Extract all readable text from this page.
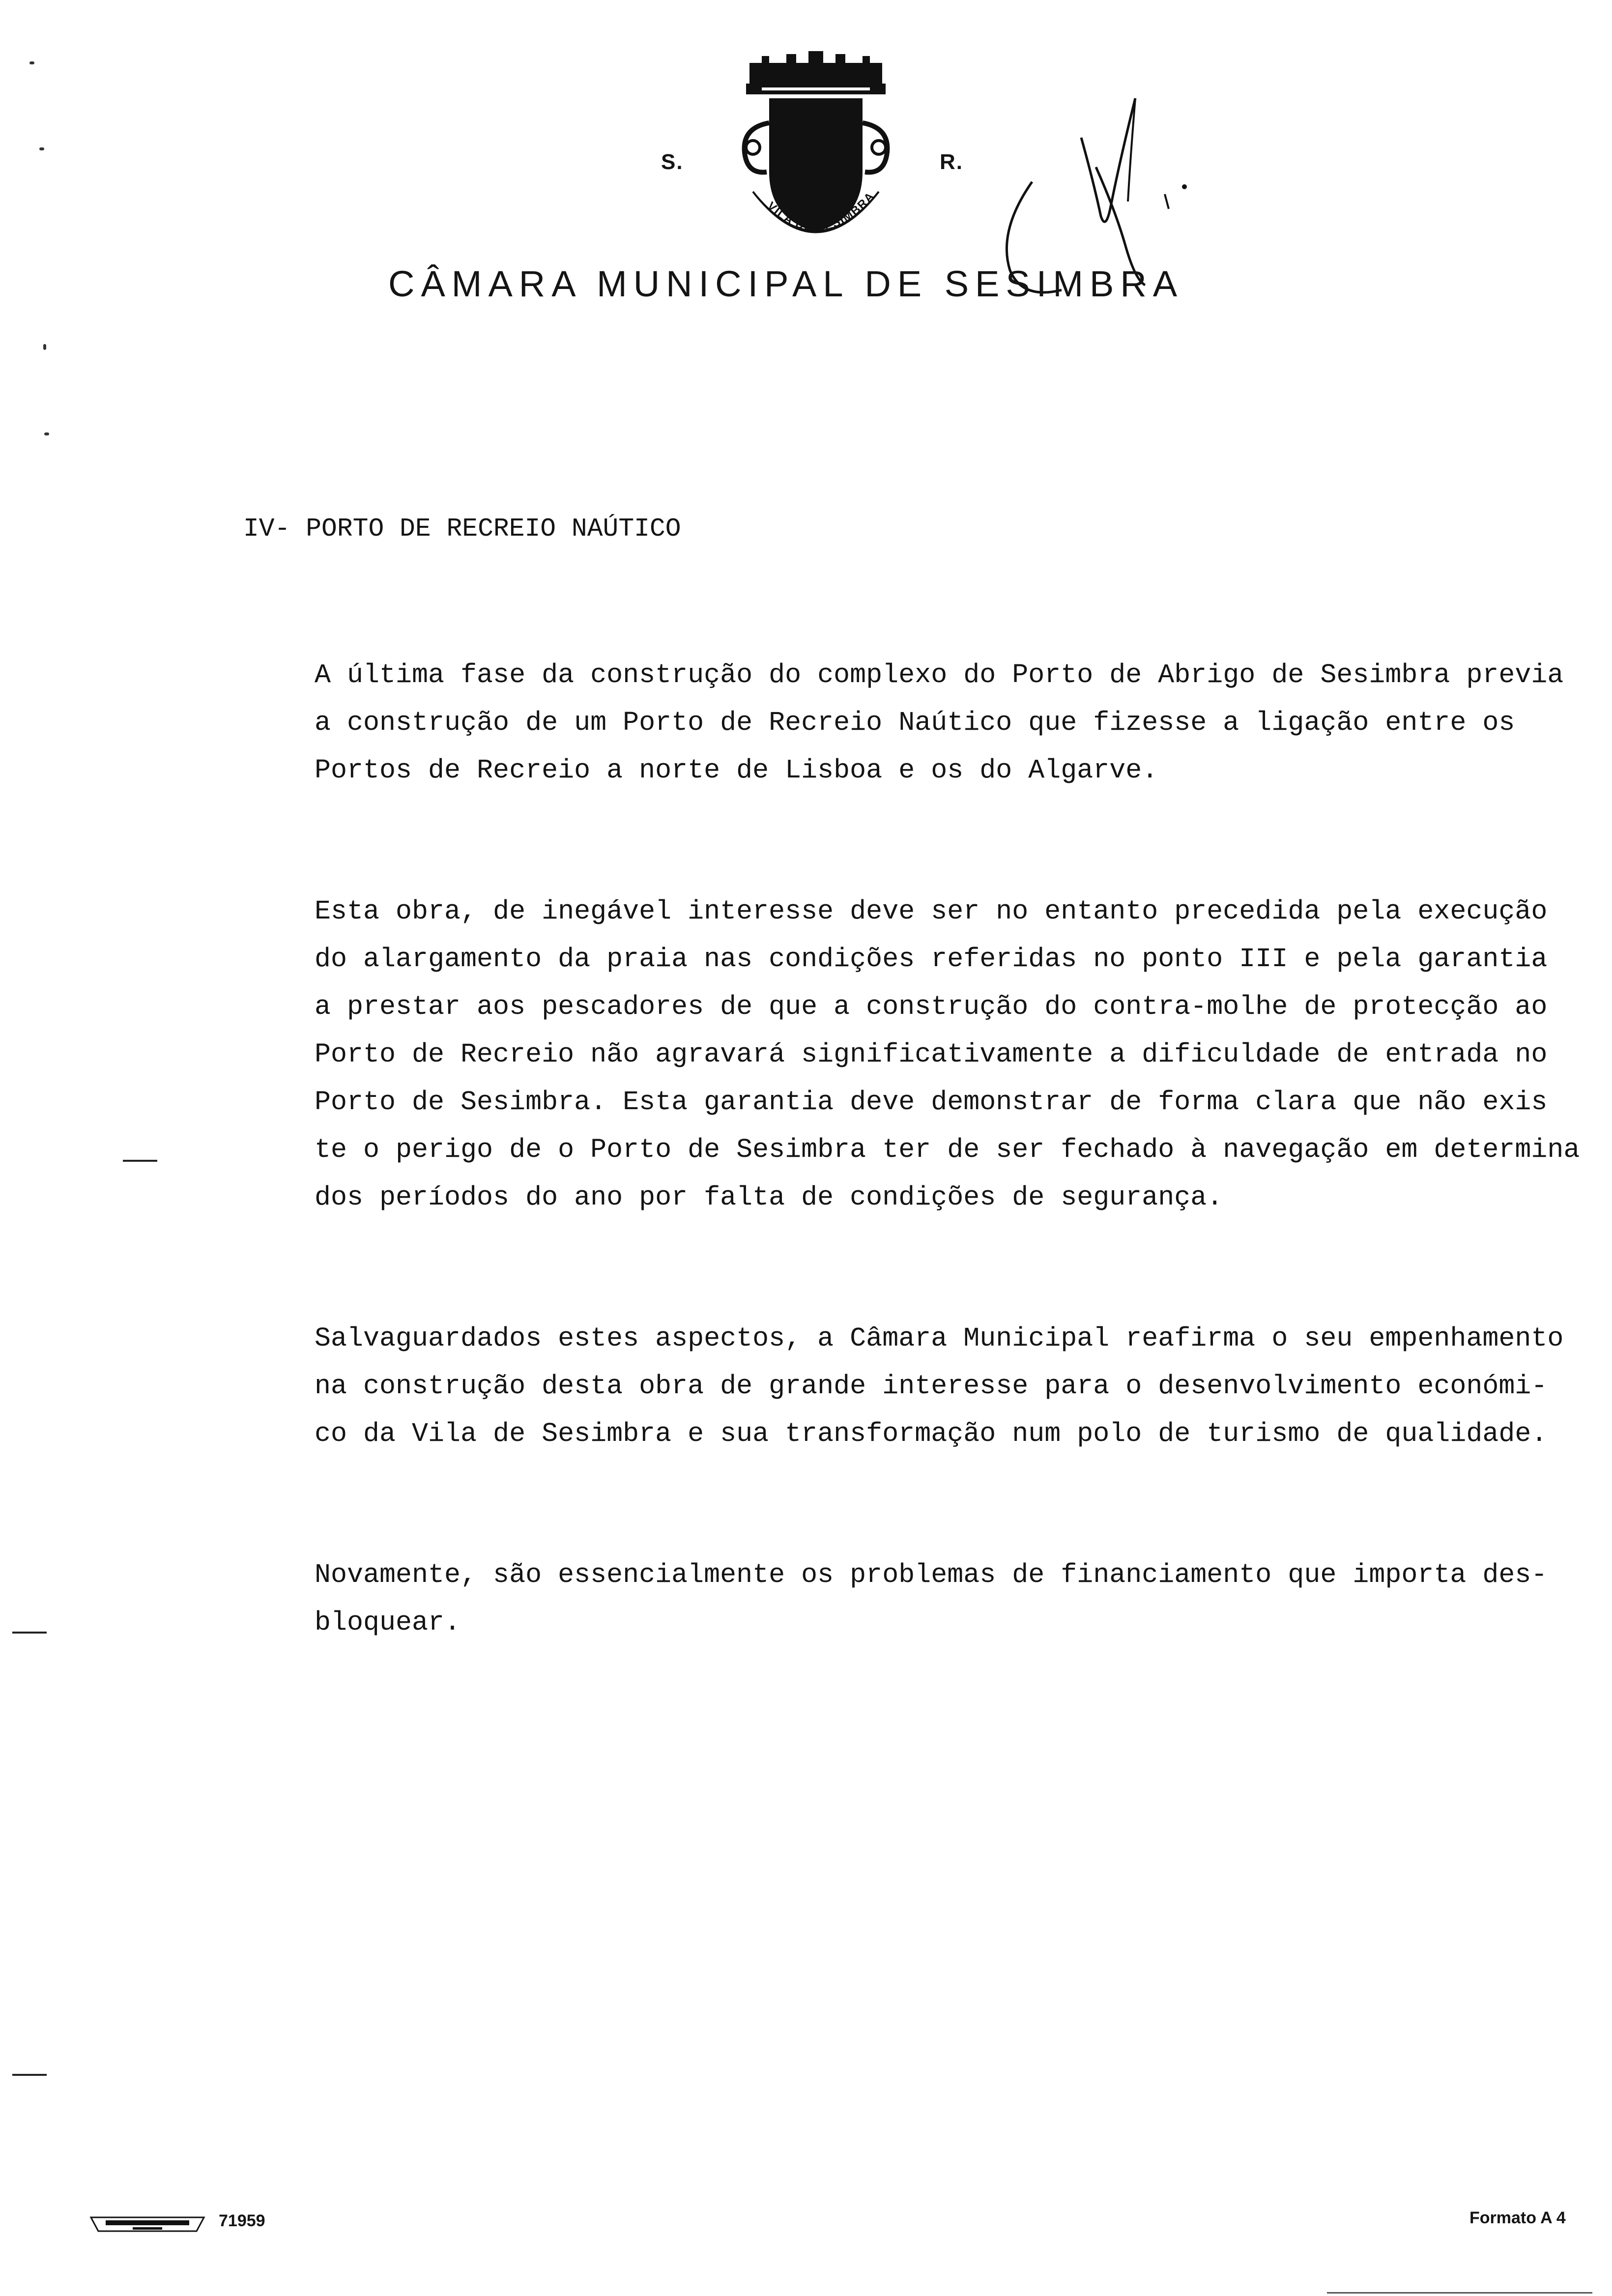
VILA DE SESIMBRA
S.	R.
CÂMARA MUNICIPAL DE SESIMBRA
IV- PORTO DE RECREIO NAÚTICO
A última fase da construção do complexo do Porto de Abrigo de Sesimbra previa
a construção de um Porto de Recreio Naútico que fizesse a ligação entre os
Portos de Recreio a norte de Lisboa e os do Algarve.
Esta obra, de inegável interesse deve ser no entanto precedida pela execução
do alargamento da praia nas condições referidas no ponto III e pela garantia
a prestar aos pescadores de que a construção do contra-molhe de protecção ao
Porto de Recreio não agravará significativamente a dificuldade de entrada no
Porto de Sesimbra. Esta garantia deve demonstrar de forma clara que não exis
te o perigo de o Porto de Sesimbra ter de ser fechado à navegação em determina
dos períodos do ano por falta de condições de segurança.
Salvaguardados estes aspectos, a Câmara Municipal reafirma o seu empenhamento
na construção desta obra de grande interesse para o desenvolvimento económi-
co da Vila de Sesimbra e sua transformação num polo de turismo de qualidade.
Novamente, são essencialmente os problemas de financiamento que importa des-
bloquear.
71959	Formato A 4
